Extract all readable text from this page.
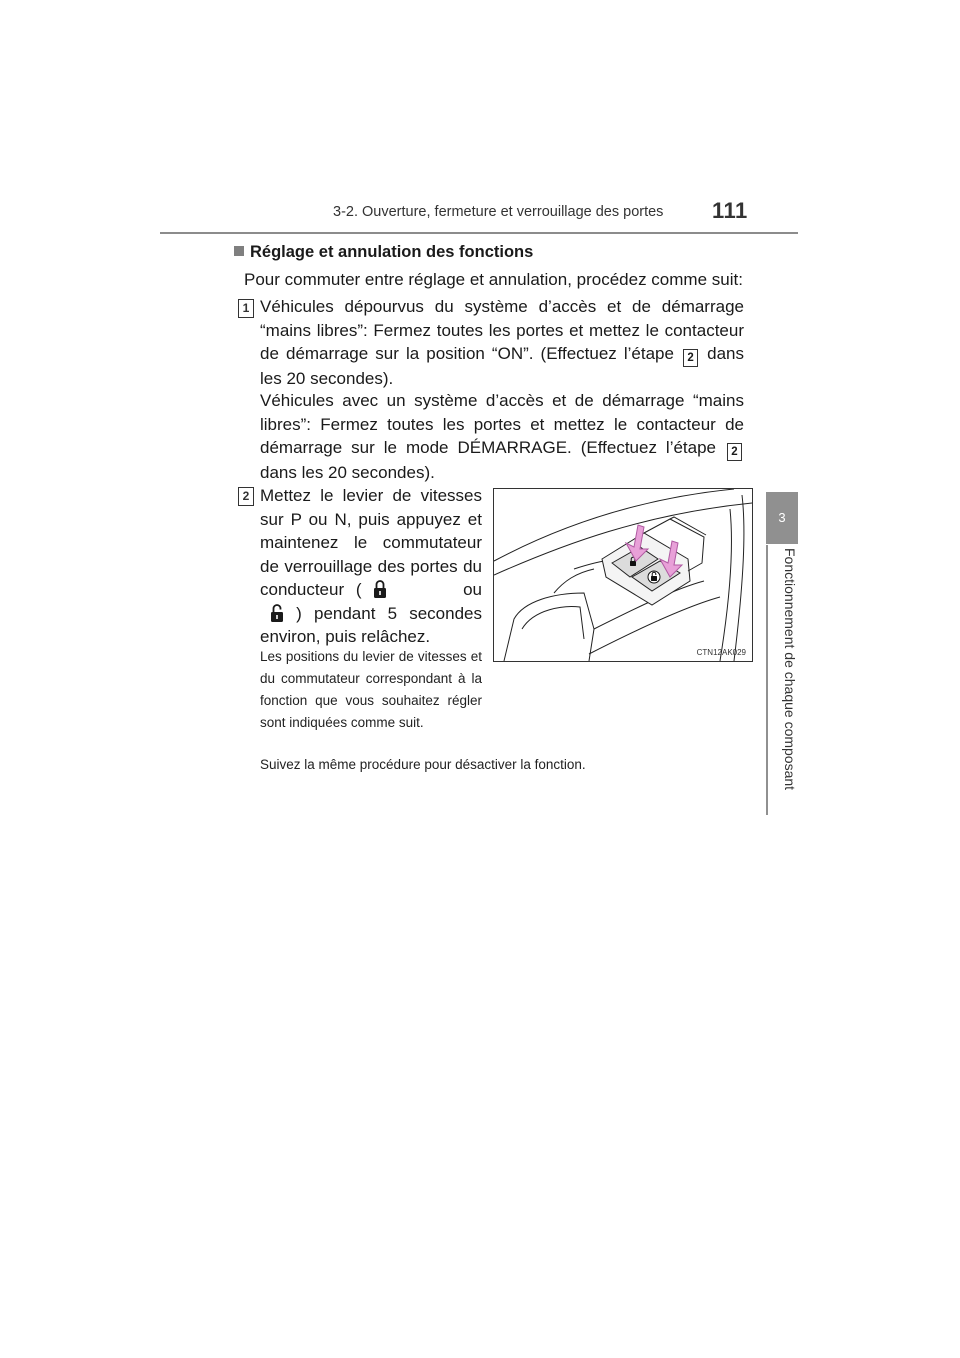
3-2. Ouverture, fermeture et verrouillage des portes 111
3
Fonctionnement de chaque composant
Réglage et annulation des fonctions
Pour commuter entre réglage et annulation, procédez comme suit:
1 Véhicules dépourvus du système d’accès et de démarrage “mains libres”: Fermez toutes les portes et mettez le contacteur de démarrage sur la position “ON”. (Effectuez l’étape 2 dans les 20 secondes).
Véhicules avec un système d’accès et de démarrage “mains libres”: Fermez toutes les portes et mettez le contacteur de démarrage sur le mode DÉMARRAGE. (Effectuez l’étape 2 dans les 20 secondes).
2 Mettez le levier de vitesses sur P ou N, puis appuyez et maintenez le commutateur de verrouillage des portes du conducteur (	ou  ) pendant 5 secondes environ, puis relâchez.
Les positions du levier de vitesses et du commutateur correspondant à la fonction que vous souhaitez régler sont indiquées comme suit.
Suivez la même procédure pour désactiver la fonction.
CTN12AK029
